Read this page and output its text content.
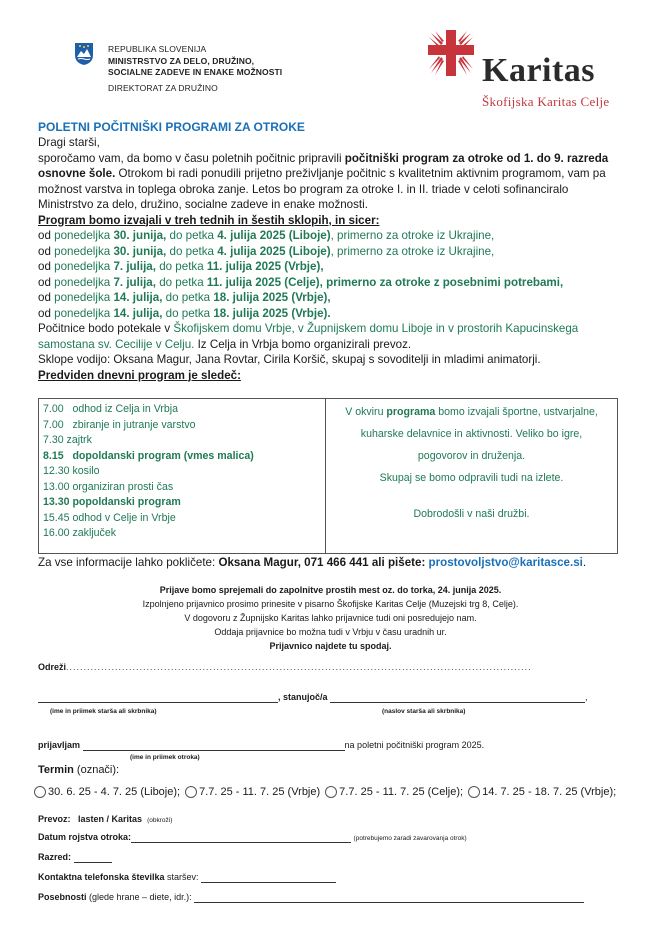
REPUBLIKA SLOVENIJA
MINISTRSTVO ZA DELO, DRUŽINO,
SOCIALNE ZADEVE IN ENAKE MOŽNOSTI
DIREKTORAT ZA DRUŽINO	Karitas
Škofijska Karitas Celje
POLETNI POČITNIŠKI PROGRAMI ZA OTROKE

Dragi starši,

sporočamo vam, da bomo v času poletnih počitnic pripravili počitniški program za otroke od 1. do 9. razreda osnovne šole. Otrokom bi radi ponudili prijetno preživljanje počitnic s kvalitetnim aktivnim programom, vam pa možnost varstva in toplega obroka zanje. Letos bo program za otroke I. in II. triade v celoti sofinanciralo Ministrstvo za delo, družino, socialne zadeve in enake možnosti.

Program bomo izvajali v treh tednih in šestih sklopih, in sicer:

od ponedeljka 30. junija, do petka 4. julija 2025 (Liboje), primerno za otroke iz Ukrajine,

od ponedeljka 30. junija, do petka 4. julija 2025 (Liboje), primerno za otroke iz Ukrajine,

od ponedeljka 7. julija, do petka 11. julija 2025 (Vrbje),

od ponedeljka 7. julija, do petka 11. julija 2025 (Celje), primerno za otroke z posebnimi potrebami,

od ponedeljka 14. julija, do petka 18. julija 2025 (Vrbje),

od ponedeljka 14. julija, do petka 18. julija 2025 (Vrbje).

Počitnice bodo potekale v Škofijskem domu Vrbje, v Župnijskem domu Liboje in v prostorih Kapucinskega samostana sv. Cecilije v Celju. Iz Celja in Vrbja bomo organizirali prevoz.

Sklope vodijo: Oksana Magur, Jana Rovtar, Cirila Koršič, skupaj s sovoditelji in mladimi animatorji.

Predviden dnevni program je sledeč:

7.00   odhod iz Celja in Vrbja
7.00   zbiranje in jutranje varstvo
7.30 zajtrk
8.15   dopoldanski program (vmes malica)
12.30 kosilo
13.00 organiziran prosti čas
13.30 popoldanski program
15.45 odhod v Celje in Vrbje
16.00 zaključek
V okviru programa bomo izvajali športne, ustvarjalne,
kuharske delavnice in aktivnosti. Veliko bo igre,
pogovorov in druženja.
Skupaj se bomo odpravili tudi na izlete.
Dobrodošli v naši družbi.
Za vse informacije lahko pokličete: Oksana Magur, 071 466 441 ali pišete: prostovoljstvo@karitasce.si.
Prijave bomo sprejemali do zapolnitve prostih mest oz. do torka, 24. junija 2025.
Izpolnjeno prijavnico prosimo prinesite v pisarno Škofijske Karitas Celje (Muzejski trg 8, Celje).
V dogovoru z Župnijsko Karitas lahko prijavnice tudi oni posredujejo nam.
Oddaja prijavnice bo možna tudi v Vrbju v času uradnih ur.
Prijavnico najdete tu spodaj.
Odreži.....................................................................................................................................
, stanujoč/a	,
(ime in priimek starša ali skrbnika)	(naslov starša ali skrbnika)
prijavljam	na poletni počitniški program 2025.
(ime in priimek otroka)
Termin (označi):
30. 6. 25 - 4. 7. 25 (Liboje); 7.7. 25 - 11. 7. 25 (Vrbje) 7.7. 25 - 11. 7. 25 (Celje); 14. 7. 25 - 18. 7. 25 (Vrbje);
Prevoz: lasten / Karitas (obkroži)
Datum rojstva otroka:	(potrebujemo zaradi zavarovanja otrok)
Razred:
Kontaktna telefonska številka staršev:
Posebnosti (glede hrane – diete, idr.):
